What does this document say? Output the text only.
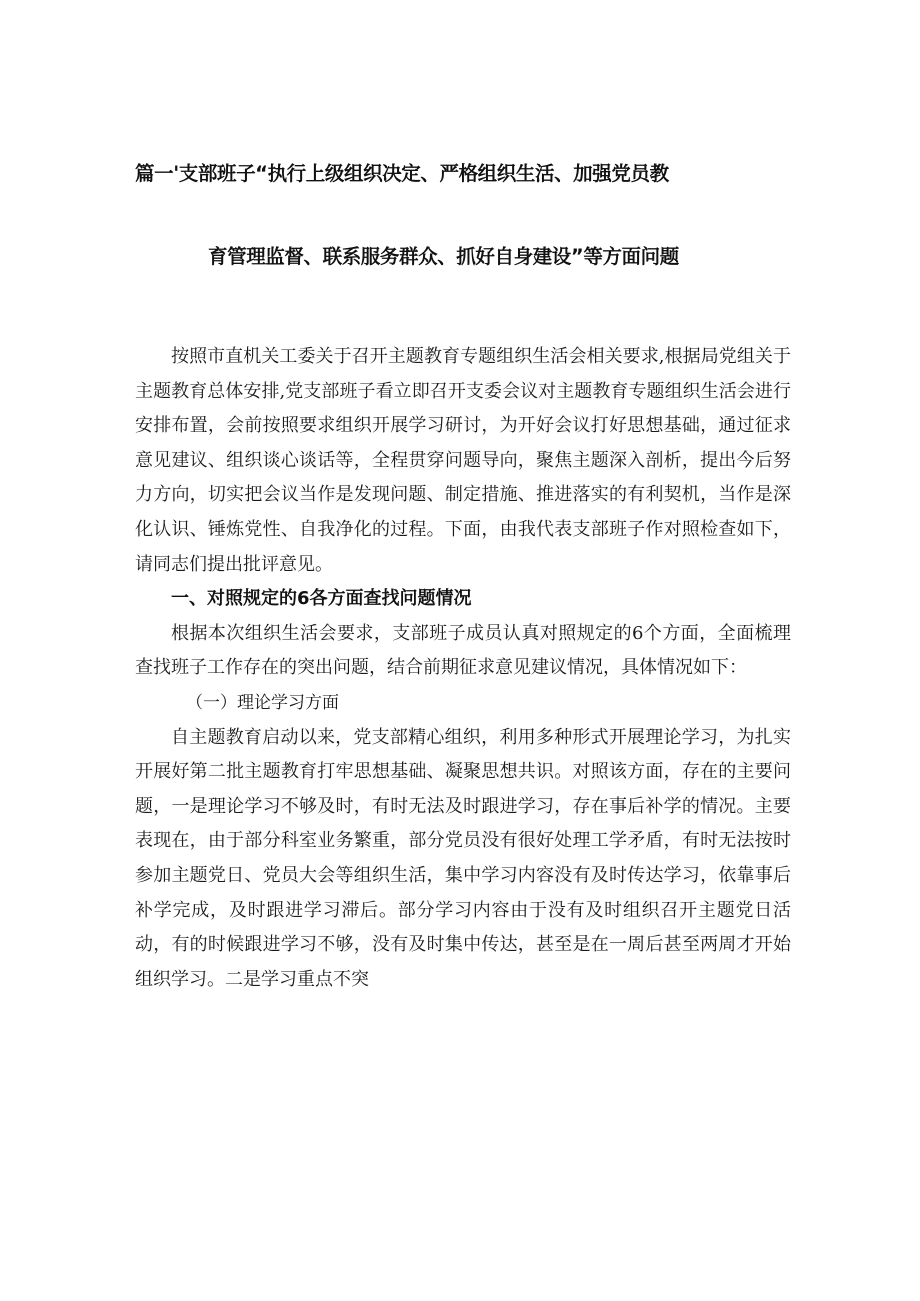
篇一'支部班子“执行上级组织决定、严格组织生活、加强党员教
育管理监督、联系服务群众、抓好自身建设”等方面问题

按照市直机关工委关于召开主题教育专题组织生活会相关要求,根据局党组关于主题教育总体安排,党支部班子看立即召开支委会议对主题教育专题组织生活会进行安排布置，会前按照要求组织开展学习研讨，为开好会议打好思想基础，通过征求意见建议、组织谈心谈话等，全程贯穿问题导向，聚焦主题深入剖析，提出今后努力方向，切实把会议当作是发现问题、制定措施、推进落实的有利契机，当作是深化认识、锤炼党性、自我净化的过程。下面，由我代表支部班子作对照检查如下，请同志们提出批评意见。

一、对照规定的6各方面查找问题情况

根据本次组织生活会要求，支部班子成员认真对照规定的6个方面，全面梳理查找班子工作存在的突出问题，结合前期征求意见建议情况，具体情况如下：

（一）理论学习方面

自主题教育启动以来，党支部精心组织，利用多种形式开展理论学习，为扎实开展好第二批主题教育打牢思想基础、凝聚思想共识。对照该方面，存在的主要问题，一是理论学习不够及时，有时无法及时跟进学习，存在事后补学的情况。主要表现在，由于部分科室业务繁重，部分党员没有很好处理工学矛盾，有时无法按时参加主题党日、党员大会等组织生活，集中学习内容没有及时传达学习，依靠事后补学完成，及时跟进学习滞后。部分学习内容由于没有及时组织召开主题党日活动，有的时候跟进学习不够，没有及时集中传达，甚至是在一周后甚至两周才开始组织学习。二是学习重点不突
